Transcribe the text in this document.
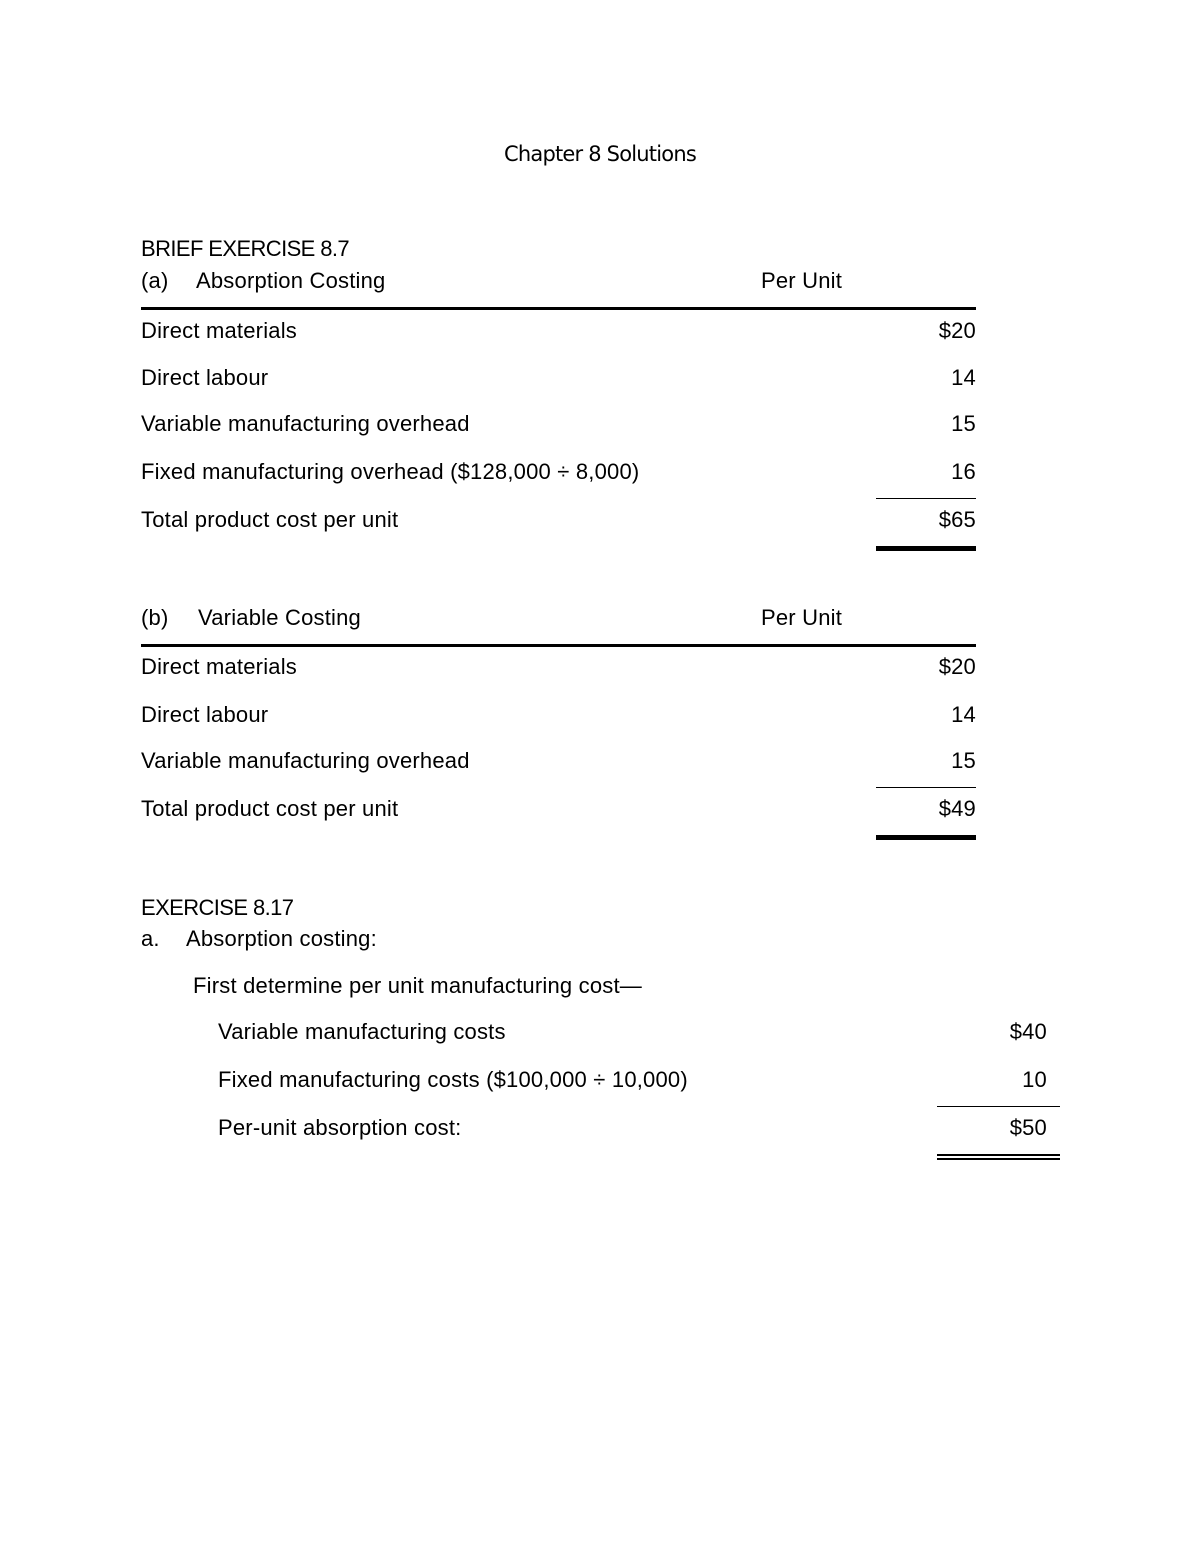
Chapter 8 Solutions
BRIEF EXERCISE 8.7
(a) Absorption Costing	Per Unit
Direct materials	$20
Direct labour	14
Variable manufacturing overhead	15
Fixed manufacturing overhead ($128,000 ÷ 8,000)	16
Total product cost per unit	$65
(b) Variable Costing	Per Unit
Direct materials	$20
Direct labour	14
Variable manufacturing overhead	15
Total product cost per unit	$49
EXERCISE 8.17
a. Absorption costing:
First determine per unit manufacturing cost—
Variable manufacturing costs	$40
Fixed manufacturing costs ($100,000 ÷ 10,000)	10
Per-unit absorption cost:	$50
